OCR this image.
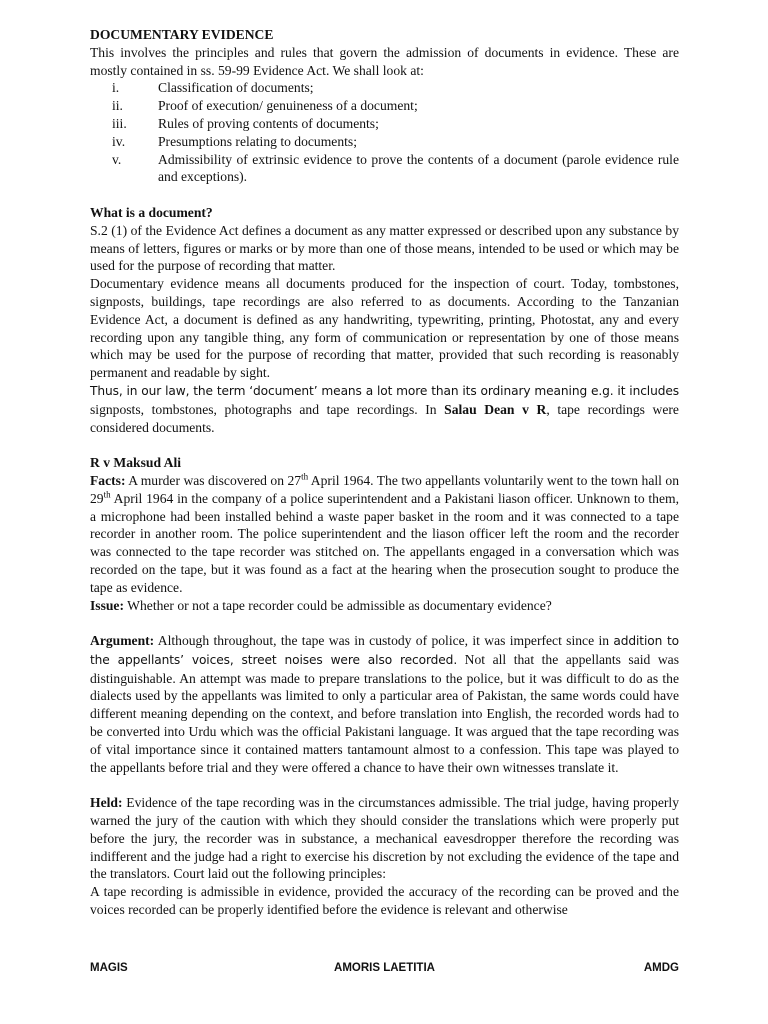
DOCUMENTARY EVIDENCE

This involves the principles and rules that govern the admission of documents in evidence. These are mostly contained in ss. 59-99 Evidence Act. We shall look at:

i.	Classification of documents;
ii.	Proof of execution/ genuineness of a document;
iii.	Rules of proving contents of documents;
iv.	Presumptions relating to documents;
v.	Admissibility of extrinsic evidence to prove the contents of a document (parole evidence rule and exceptions).

What is a document?

S.2 (1) of the Evidence Act defines a document as any matter expressed or described upon any substance by means of letters, figures or marks or by more than one of those means, intended to be used or which may be used for the purpose of recording that matter.

Documentary evidence means all documents produced for the inspection of court. Today, tombstones, signposts, buildings, tape recordings are also referred to as documents. According to the Tanzanian Evidence Act, a document is defined as any handwriting, typewriting, printing, Photostat, any and every recording upon any tangible thing, any form of communication or representation by one of those means which may be used for the purpose of recording that matter, provided that such recording is reasonably permanent and readable by sight.

Thus, in our law, the term ‘document’ means a lot more than its ordinary meaning e.g. it includes signposts, tombstones, photographs and tape recordings. In Salau Dean v R, tape recordings were considered documents.

R v Maksud Ali

Facts: A murder was discovered on 27th April 1964. The two appellants voluntarily went to the town hall on 29th April 1964 in the company of a police superintendent and a Pakistani liason officer. Unknown to them, a microphone had been installed behind a waste paper basket in the room and it was connected to a tape recorder in another room. The police superintendent and the liason officer left the room and the recorder was connected to the tape recorder was stitched on. The appellants engaged in a conversation which was recorded on the tape, but it was found as a fact at the hearing when the prosecution sought to produce the tape as evidence.

Issue: Whether or not a tape recorder could be admissible as documentary evidence?

Argument: Although throughout, the tape was in custody of police, it was imperfect since in addition to the appellants’ voices, street noises were also recorded. Not all that the appellants said was distinguishable. An attempt was made to prepare translations to the police, but it was difficult to do as the dialects used by the appellants was limited to only a particular area of Pakistan, the same words could have different meaning depending on the context, and before translation into English, the recorded words had to be converted into Urdu which was the official Pakistani language. It was argued that the tape recording was of vital importance since it contained matters tantamount almost to a confession. This tape was played to the appellants before trial and they were offered a chance to have their own witnesses translate it.

Held: Evidence of the tape recording was in the circumstances admissible. The trial judge, having properly warned the jury of the caution with which they should consider the translations which were properly put before the jury, the recorder was in substance, a mechanical eavesdropper therefore the recording was indifferent and the judge had a right to exercise his discretion by not excluding the evidence of the tape and the translators. Court laid out the following principles:

A tape recording is admissible in evidence, provided the accuracy of the recording can be proved and the voices recorded can be properly identified before the evidence is relevant and otherwise

MAGIS	AMORIS LAETITIA	AMDG
